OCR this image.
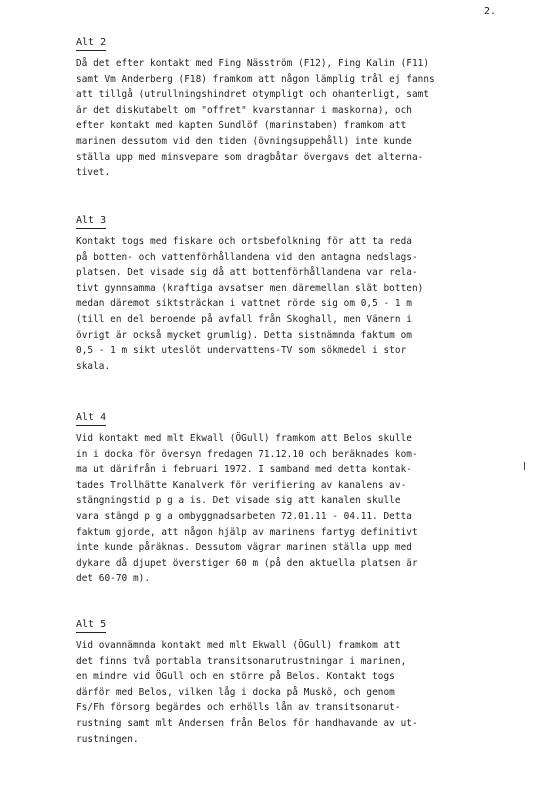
2.
Alt 2
Då det efter kontakt med Fing Näsström (F12), Fing Kalin (F11)
samt Vm Anderberg (F18) framkom att någon lämplig trål ej fanns
att tillgå (utrullningshindret otympligt och ohanterligt, samt
är det diskutabelt om "offret" kvarstannar i maskorna), och
efter kontakt med kapten Sundlöf (marinstaben) framkom att
marinen dessutom vid den tiden (övningsuppehåll) inte kunde
ställa upp med minsvepare som dragbåtar övergavs det alterna-
tivet.
Alt 3
Kontakt togs med fiskare och ortsbefolkning för att ta reda
på botten- och vattenförhållandena vid den antagna nedslags-
platsen. Det visade sig då att bottenförhållandena var rela-
tivt gynnsamma (kraftiga avsatser men däremellan slät botten)
medan däremot siktsträckan i vattnet rörde sig om 0,5 - 1 m
(till en del beroende på avfall från Skoghall, men Vänern i
övrigt är också mycket grumlig). Detta sistnämnda faktum om
0,5 - 1 m sikt uteslöt undervattens-TV som sökmedel i stor
skala.
Alt 4
Vid kontakt med mlt Ekwall (ÖGull) framkom att Belos skulle
in i docka för översyn fredagen 71.12.10 och beräknades kom-
ma ut därifrån i februari 1972. I samband med detta kontak-
tades Trollhätte Kanalverk för verifiering av kanalens av-
stängningstid p g a is. Det visade sig att kanalen skulle
vara stängd p g a ombyggnadsarbeten 72.01.11 - 04.11. Detta
faktum gjorde, att någon hjälp av marinens fartyg definitivt
inte kunde påräknas. Dessutom vägrar marinen ställa upp med
dykare då djupet överstiger 60 m (på den aktuella platsen är
det 60-70 m).
Alt 5
Vid ovannämnda kontakt med mlt Ekwall (ÖGull) framkom att
det finns två portabla transitsonarutrustningar i marinen,
en mindre vid ÖGull och en större på Belos. Kontakt togs
därför med Belos, vilken låg i docka på Muskö, och genom
Fs/Fh försorg begärdes och erhölls lån av transitsonarut-
rustning samt mlt Andersen från Belos för handhavande av ut-
rustningen.
